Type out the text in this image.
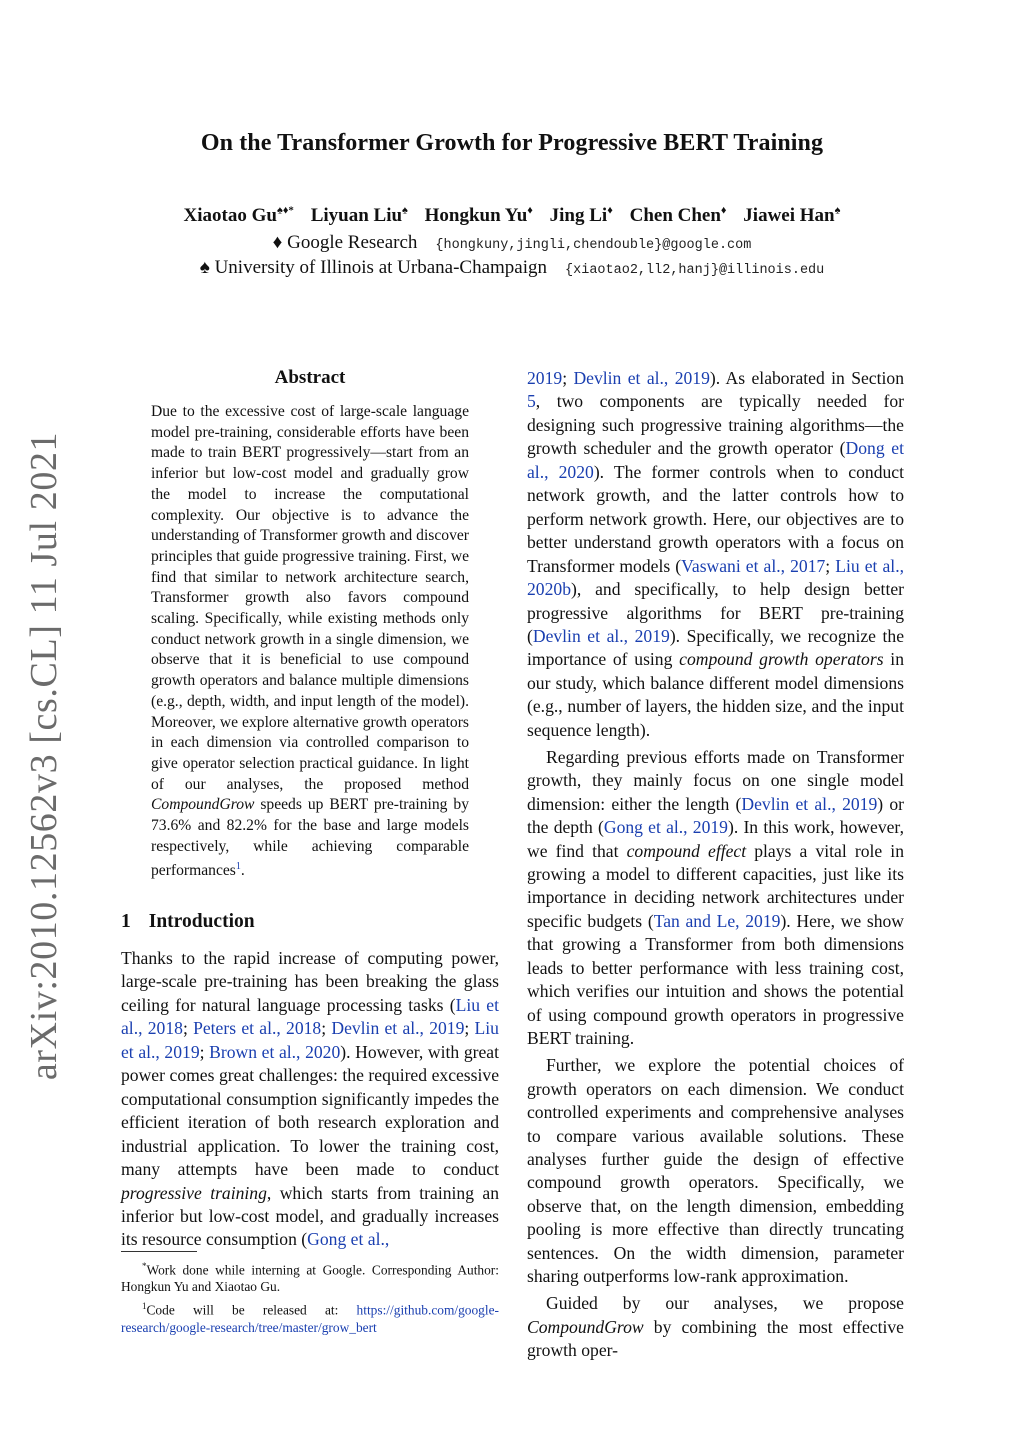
On the Transformer Growth for Progressive BERT Training
Xiaotao Gu♠♦* Liyuan Liu♠ Hongkun Yu♦ Jing Li♦ Chen Chen♦ Jiawei Han♠
♦ Google Research {hongkuny,jingli,chendouble}@google.com
♠ University of Illinois at Urbana-Champaign {xiaotao2,ll2,hanj}@illinois.edu
arXiv:2010.12562v3 [cs.CL] 11 Jul 2021
Abstract
Due to the excessive cost of large-scale language model pre-training, considerable efforts have been made to train BERT progressively—start from an inferior but low-cost model and gradually grow the model to increase the computational complexity. Our objective is to advance the understanding of Transformer growth and discover principles that guide progressive training. First, we find that similar to network architecture search, Transformer growth also favors compound scaling. Specifically, while existing methods only conduct network growth in a single dimension, we observe that it is beneficial to use compound growth operators and balance multiple dimensions (e.g., depth, width, and input length of the model). Moreover, we explore alternative growth operators in each dimension via controlled comparison to give operator selection practical guidance. In light of our analyses, the proposed method CompoundGrow speeds up BERT pre-training by 73.6% and 82.2% for the base and large models respectively, while achieving comparable performances$^1$.
1 Introduction

Thanks to the rapid increase of computing power, large-scale pre-training has been breaking the glass ceiling for natural language processing tasks (Liu et al., 2018; Peters et al., 2018; Devlin et al., 2019; Liu et al., 2019; Brown et al., 2020). However, with great power comes great challenges: the required excessive computational consumption significantly impedes the efficient iteration of both research exploration and industrial application. To lower the training cost, many attempts have been made to conduct progressive training, which starts from training an inferior but low-cost model, and gradually increases its resource consumption (Gong et al.,

*Work done while interning at Google. Corresponding Author: Hongkun Yu and Xiaotao Gu.

$^1$Code will be released at: https://github.com/google-research/google-research/tree/master/grow_bert

2019; Devlin et al., 2019). As elaborated in Section 5, two components are typically needed for designing such progressive training algorithms—the growth scheduler and the growth operator (Dong et al., 2020). The former controls when to conduct network growth, and the latter controls how to perform network growth. Here, our objectives are to better understand growth operators with a focus on Transformer models (Vaswani et al., 2017; Liu et al., 2020b), and specifically, to help design better progressive algorithms for BERT pre-training (Devlin et al., 2019). Specifically, we recognize the importance of using compound growth operators in our study, which balance different model dimensions (e.g., number of layers, the hidden size, and the input sequence length).

Regarding previous efforts made on Transformer growth, they mainly focus on one single model dimension: either the length (Devlin et al., 2019) or the depth (Gong et al., 2019). In this work, however, we find that compound effect plays a vital role in growing a model to different capacities, just like its importance in deciding network architectures under specific budgets (Tan and Le, 2019). Here, we show that growing a Transformer from both dimensions leads to better performance with less training cost, which verifies our intuition and shows the potential of using compound growth operators in progressive BERT training.

Further, we explore the potential choices of growth operators on each dimension. We conduct controlled experiments and comprehensive analyses to compare various available solutions. These analyses further guide the design of effective compound growth operators. Specifically, we observe that, on the length dimension, embedding pooling is more effective than directly truncating sentences. On the width dimension, parameter sharing outperforms low-rank approximation.

Guided by our analyses, we propose CompoundGrow by combining the most effective growth oper-
